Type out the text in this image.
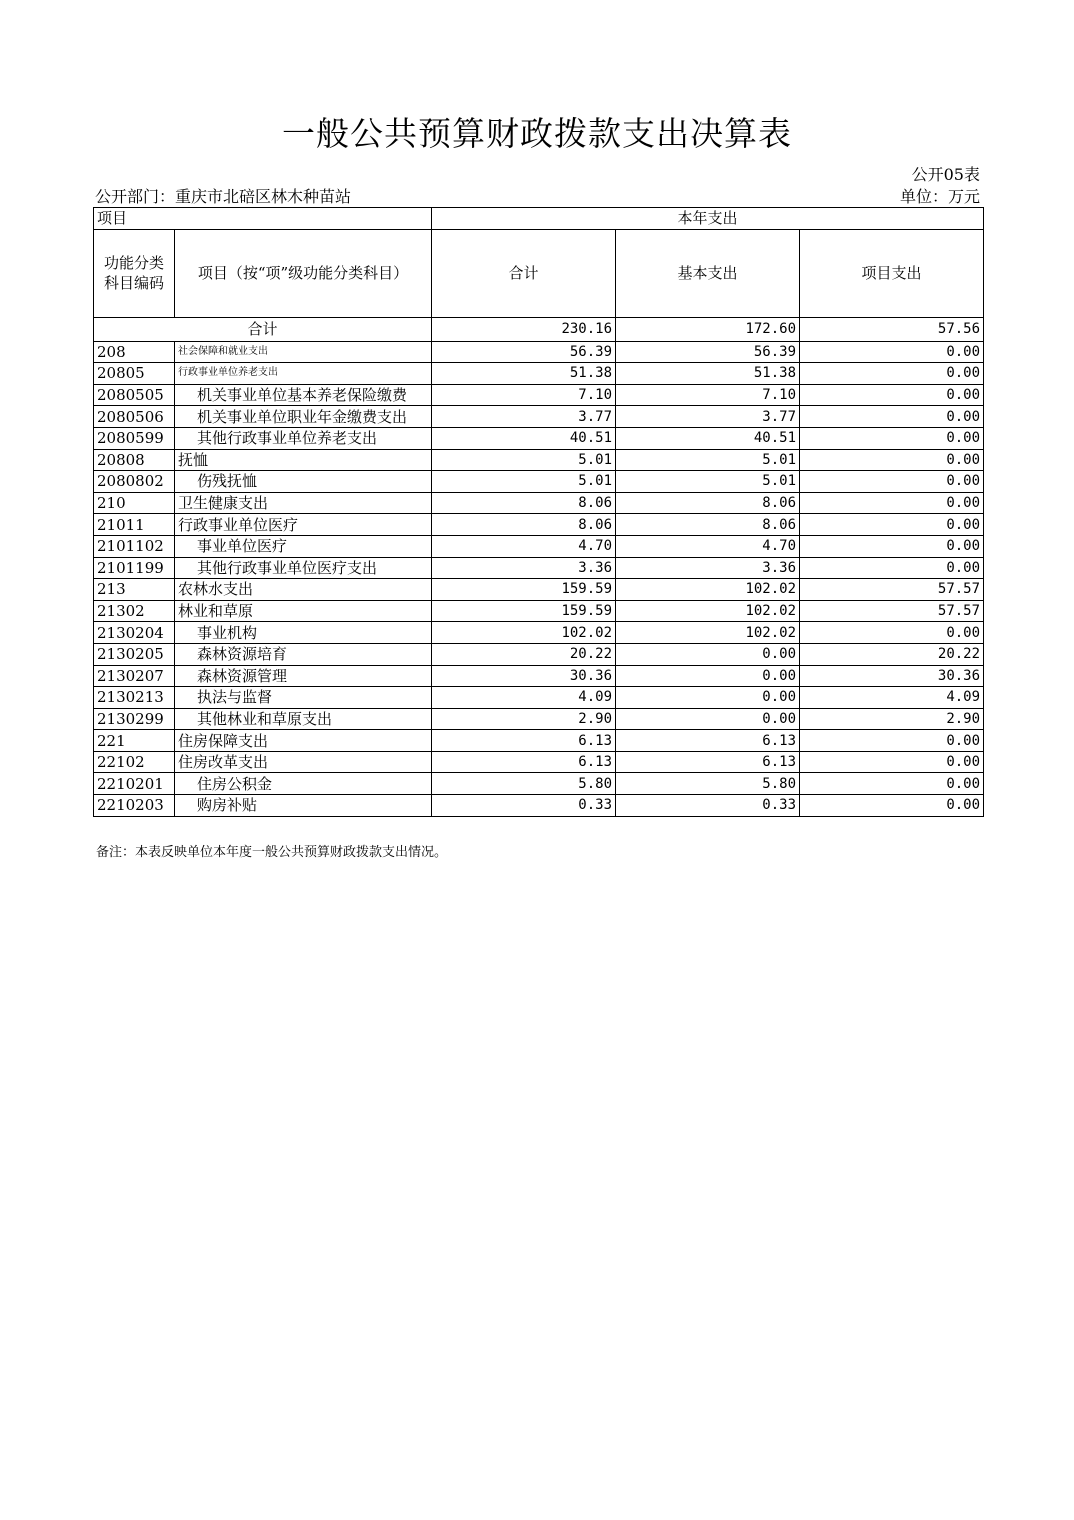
一般公共预算财政拨款支出决算表
公开05表
公开部门：重庆市北碚区林木种苗站	单位：万元
项目		本年支出		
功能分类科目编码	项目（按“项”级功能分类科目）	合计	基本支出	项目支出
合计		230.16	172.60	57.56
208	社会保障和就业支出	56.39	56.39	0.00
20805	行政事业单位养老支出	51.38	51.38	0.00
2080505	机关事业单位基本养老保险缴费	7.10	7.10	0.00
2080506	机关事业单位职业年金缴费支出	3.77	3.77	0.00
2080599	其他行政事业单位养老支出	40.51	40.51	0.00
20808	抚恤	5.01	5.01	0.00
2080802	伤残抚恤	5.01	5.01	0.00
210	卫生健康支出	8.06	8.06	0.00
21011	行政事业单位医疗	8.06	8.06	0.00
2101102	事业单位医疗	4.70	4.70	0.00
2101199	其他行政事业单位医疗支出	3.36	3.36	0.00
213	农林水支出	159.59	102.02	57.57
21302	林业和草原	159.59	102.02	57.57
2130204	事业机构	102.02	102.02	0.00
2130205	森林资源培育	20.22	0.00	20.22
2130207	森林资源管理	30.36	0.00	30.36
2130213	执法与监督	4.09	0.00	4.09
2130299	其他林业和草原支出	2.90	0.00	2.90
221	住房保障支出	6.13	6.13	0.00
22102	住房改革支出	6.13	6.13	0.00
2210201	住房公积金	5.80	5.80	0.00
2210203	购房补贴	0.33	0.33	0.00
备注：本表反映单位本年度一般公共预算财政拨款支出情况。
